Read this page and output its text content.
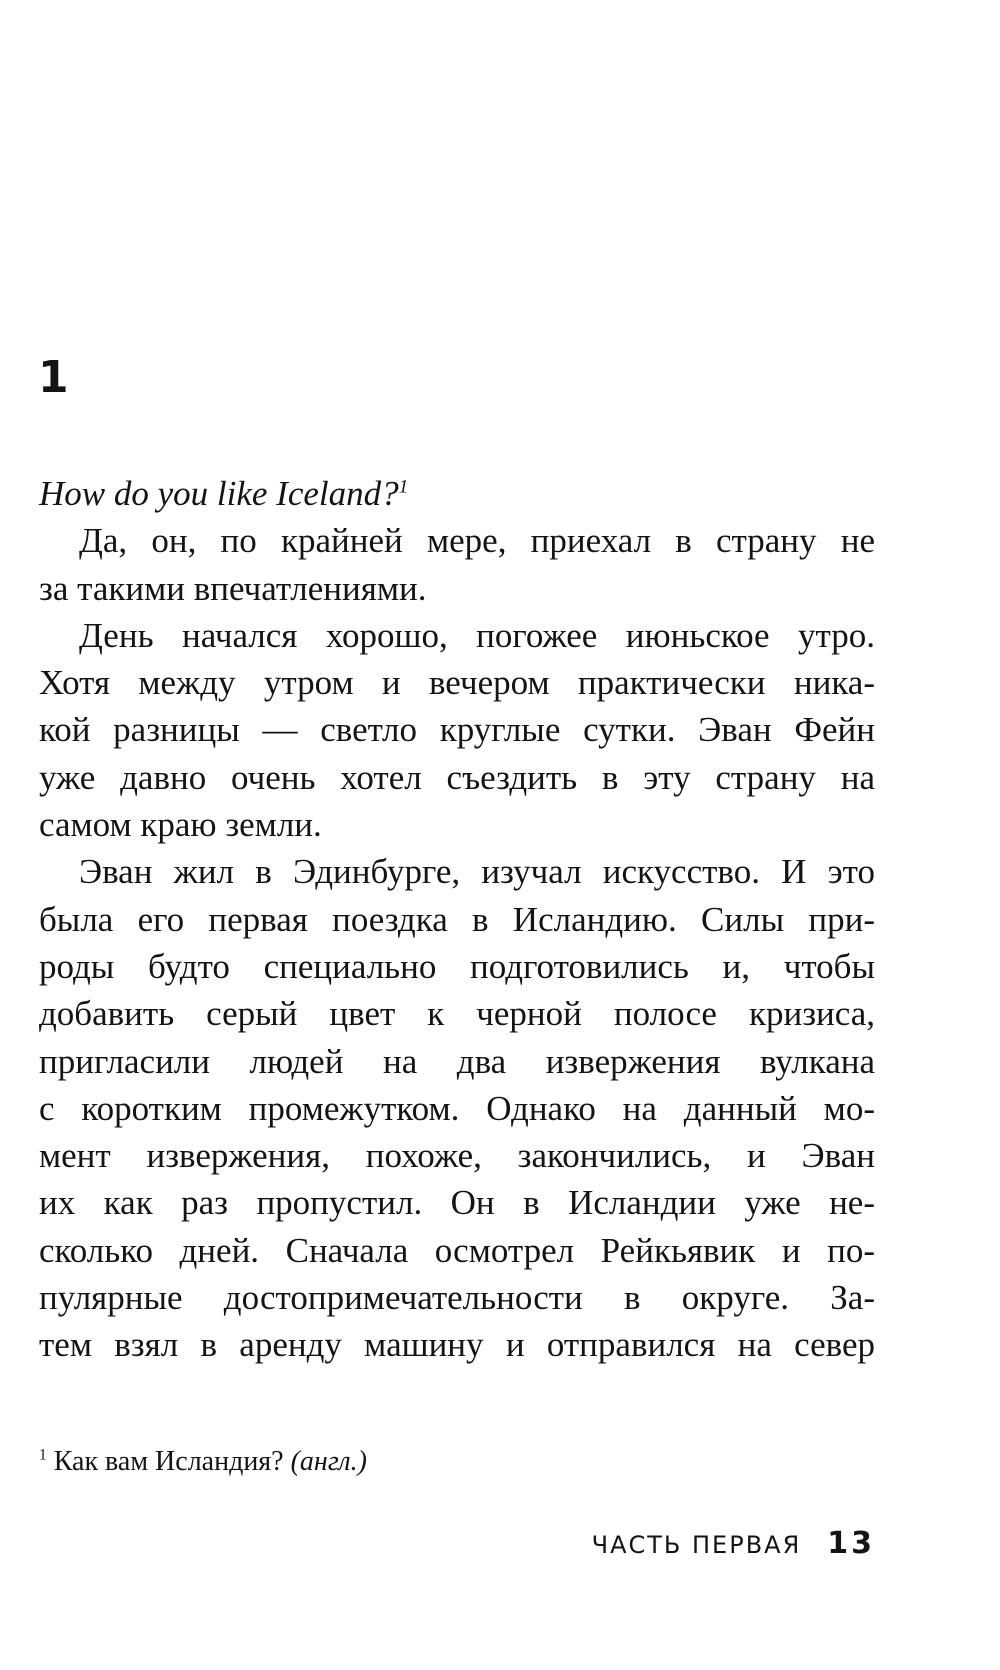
1
How do you like Iceland?$^1$
Да, он, по крайней мере, приехал в страну не
за такими впечатлениями.
День начался хорошо, погожее июньское утро.
Хотя между утром и вечером практически ника-
кой разницы — светло круглые сутки. Эван Фейн
уже давно очень хотел съездить в эту страну на
самом краю земли.
Эван жил в Эдинбурге, изучал искусство. И это
была его первая поездка в Исландию. Силы при-
роды будто специально подготовились и, чтобы
добавить серый цвет к черной полосе кризиса,
пригласили людей на два извержения вулкана
с коротким промежутком. Однако на данный мо-
мент извержения, похоже, закончились, и Эван
их как раз пропустил. Он в Исландии уже не-
сколько дней. Сначала осмотрел Рейкьявик и по-
пулярные достопримечательности в округе. За-
тем взял в аренду машину и отправился на север
$^1$ Как вам Исландия? (англ.)
ЧАСТЬ ПЕРВАЯ 13
